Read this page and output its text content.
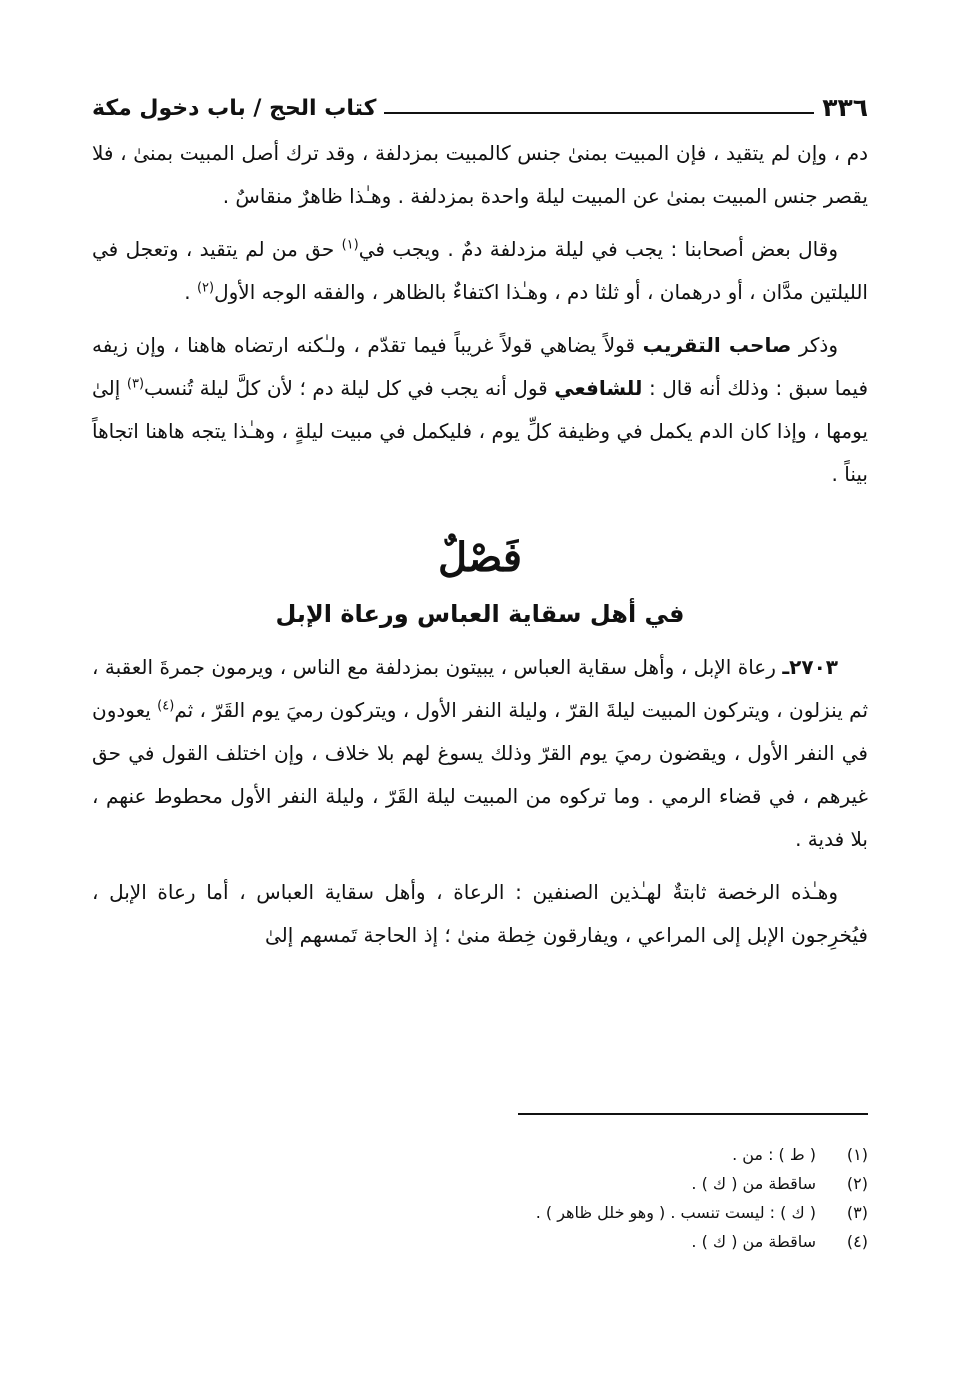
٣٣٦
كتاب الحج / باب دخول مكة

دم ، وإن لم يتقيد ، فإن المبيت بمنىٰ جنس كالمبيت بمزدلفة ، وقد ترك أصل المبيت بمنىٰ ، فلا يقصر جنس المبيت بمنىٰ عن المبيت ليلة واحدة بمزدلفة . وهـٰذا ظاهرٌ منقاسٌ .

وقال بعض أصحابنا : يجب في ليلة مزدلفة دمٌ . ويجب في$^{(١)}$ حق من لم يتقيد ، وتعجل في الليلتين مدَّان ، أو درهمان ، أو ثلثا دم ، وهـٰذا اكتفاءٌ بالظاهر ، والفقه الوجه الأول$^{(٢)}$ .

وذكر صاحب التقريب قولاً يضاهي قولاً غريباً فيما تقدّم ، ولـٰكنه ارتضاه هاهنا ، وإن زيفه فيما سبق : وذلك أنه قال : للشافعي قول أنه يجب في كل ليلة دم ؛ لأن كلَّ ليلة تُنسب$^{(٣)}$ إلىٰ يومها ، وإذا كان الدم يكمل في وظيفة كلِّ يوم ، فليكمل في مبيت ليلةٍ ، وهـٰذا يتجه هاهنا اتجاهاً بيناً .

فَصْلٌ
في أهل سقاية العباس ورعاة الإبل

٢٧٠٣ـ رعاة الإبل ، وأهل سقاية العباس ، يبيتون بمزدلفة مع الناس ، ويرمون جمرةَ العقبة ، ثم ينزلون ، ويتركون المبيت ليلةَ القرّ ، وليلة النفر الأول ، ويتركون رميَ يوم القَرّ ، ثم$^{(٤)}$ يعودون في النفر الأول ، ويقضون رميَ يوم القرّ وذلك يسوغ لهم بلا خلاف ، وإن اختلف القول في حق غيرهم ، في قضاء الرمي . وما تركوه من المبيت ليلة القَرّ ، وليلة النفر الأول محطوط عنهم ، بلا فدية .

وهـٰذه الرخصة ثابتةٌ لهـٰذين الصنفين : الرعاة ، وأهل سقاية العباس ، أما رعاة الإبل ، فيُخرِجون الإبل إلى المراعي ، ويفارقون خِطة منىٰ ؛ إذ الحاجة تَمسهم إلىٰ

(١)
( ط ) : من .
(٢)
ساقطة من ( ك ) .
(٣)
( ك ) : ليست تنسب . ( وهو خلل ظاهر ) .
(٤)
ساقطة من ( ك ) .
